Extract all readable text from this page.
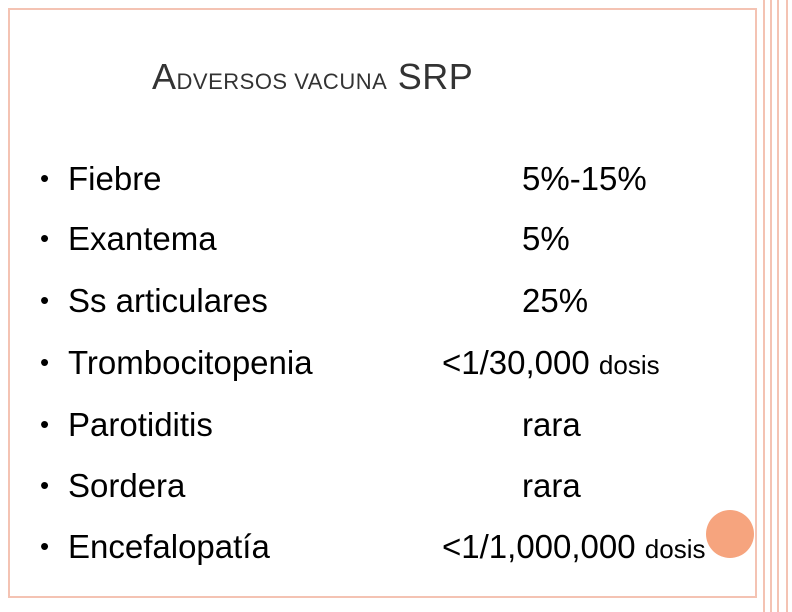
ADVERSOS VACUNA SRP
• Fiebre	5%-15%
• Exantema	5%
• Ss articulares	25%
• Trombocitopenia	<1/30,000 dosis
• Parotiditis	rara
• Sordera	rara
• Encefalopatía	<1/1,000,000 dosis
